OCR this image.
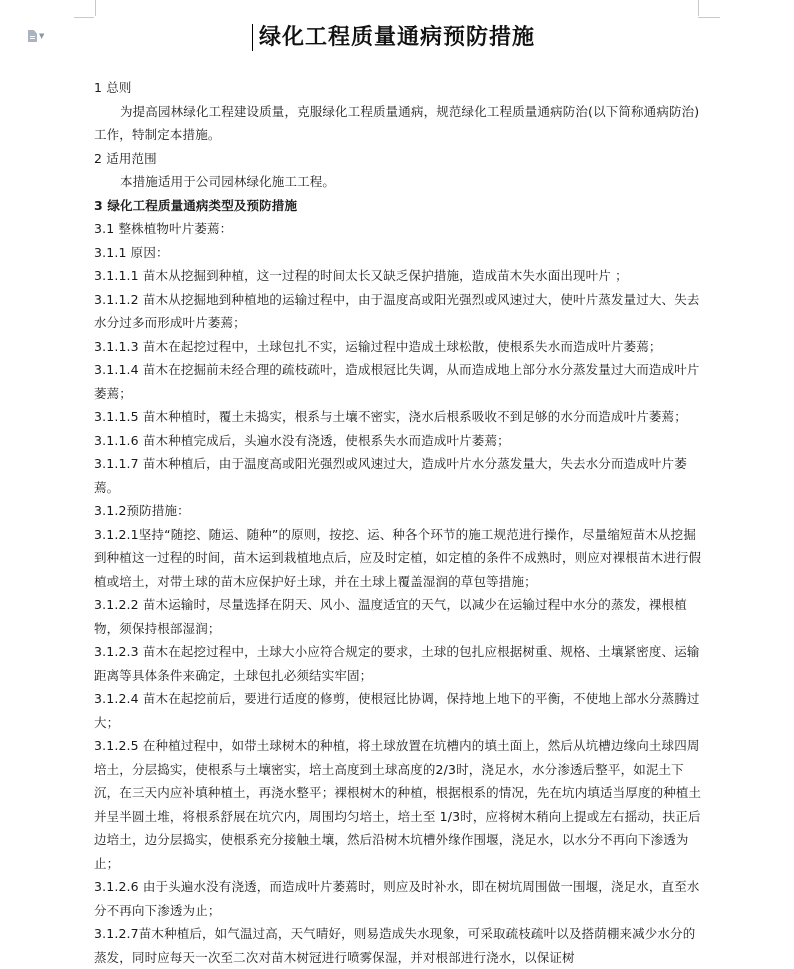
▼	绿化工程质量通病预防措施

1 总则

为提高园林绿化工程建设质量，克服绿化工程质量通病，规范绿化工程质量通病防治(以下简称通病防治)工作，特制定本措施。

2 适用范围

本措施适用于公司园林绿化施工工程。

3 绿化工程质量通病类型及预防措施

3.1 整株植物叶片萎蔫：

3.1.1 原因：

3.1.1.1 苗木从挖掘到种植，这一过程的时间太长又缺乏保护措施，造成苗木失水面出现叶片 ；

3.1.1.2 苗木从挖掘地到种植地的运输过程中，由于温度高或阳光强烈或风速过大，使叶片蒸发量过大、失去水分过多而形成叶片萎蔫；

3.1.1.3 苗木在起挖过程中，土球包扎不实，运输过程中造成土球松散，使根系失水而造成叶片萎蔫；

3.1.1.4 苗木在挖掘前未经合理的疏枝疏叶，造成根冠比失调，从而造成地上部分水分蒸发量过大而造成叶片萎蔫；

3.1.1.5 苗木种植时，覆土未捣实，根系与土壤不密实，浇水后根系吸收不到足够的水分而造成叶片萎蔫；

3.1.1.6 苗木种植完成后，头遍水没有浇透，使根系失水而造成叶片萎蔫；

3.1.1.7 苗木种植后，由于温度高或阳光强烈或风速过大，造成叶片水分蒸发量大，失去水分而造成叶片萎蔫。

3.1.2预防措施：

3.1.2.1坚持“随挖、随运、随种”的原则，按挖、运、种各个环节的施工规范进行操作，尽量缩短苗木从挖掘到种植这一过程的时间，苗木运到栽植地点后，应及时定植，如定植的条件不成熟时，则应对裸根苗木进行假植或培土，对带土球的苗木应保护好土球，并在土球上覆盖湿润的草包等措施；

3.1.2.2 苗木运输时，尽量选择在阴天、风小、温度适宜的天气，以减少在运输过程中水分的蒸发，裸根植物，须保持根部湿润；

3.1.2.3 苗木在起挖过程中，土球大小应符合规定的要求，土球的包扎应根据树重、规格、土壤紧密度、运输距离等具体条件来确定，土球包扎必须结实牢固；

3.1.2.4 苗木在起挖前后，要进行适度的修剪，使根冠比协调，保持地上地下的平衡，不使地上部水分蒸腾过大；

3.1.2.5 在种植过程中，如带土球树木的种植，将土球放置在坑槽内的填土面上，然后从坑槽边缘向土球四周培土，分层捣实，使根系与土壤密实，培土高度到土球高度的2/3时，浇足水，水分渗透后整平，如泥土下沉，在三天内应补填种植土，再浇水整平；裸根树木的种植，根据根系的情况，先在坑内填适当厚度的种植土并呈半圆土堆，将根系舒展在坑穴内，周围均匀培土，培土至 1/3时，应将树木稍向上提或左右摇动，扶正后边培土，边分层捣实，使根系充分接触土壤，然后沿树木坑槽外缘作围堰，浇足水，以水分不再向下渗透为止；

3.1.2.6 由于头遍水没有浇透，而造成叶片萎蔫时，则应及时补水，即在树坑周围做一围堰，浇足水，直至水分不再向下渗透为止；

3.1.2.7苗木种植后，如气温过高，天气晴好，则易造成失水现象，可采取疏枝疏叶以及搭荫棚来减少水分的蒸发，同时应每天一次至二次对苗木树冠进行喷雾保湿，并对根部进行浇水，以保证树
